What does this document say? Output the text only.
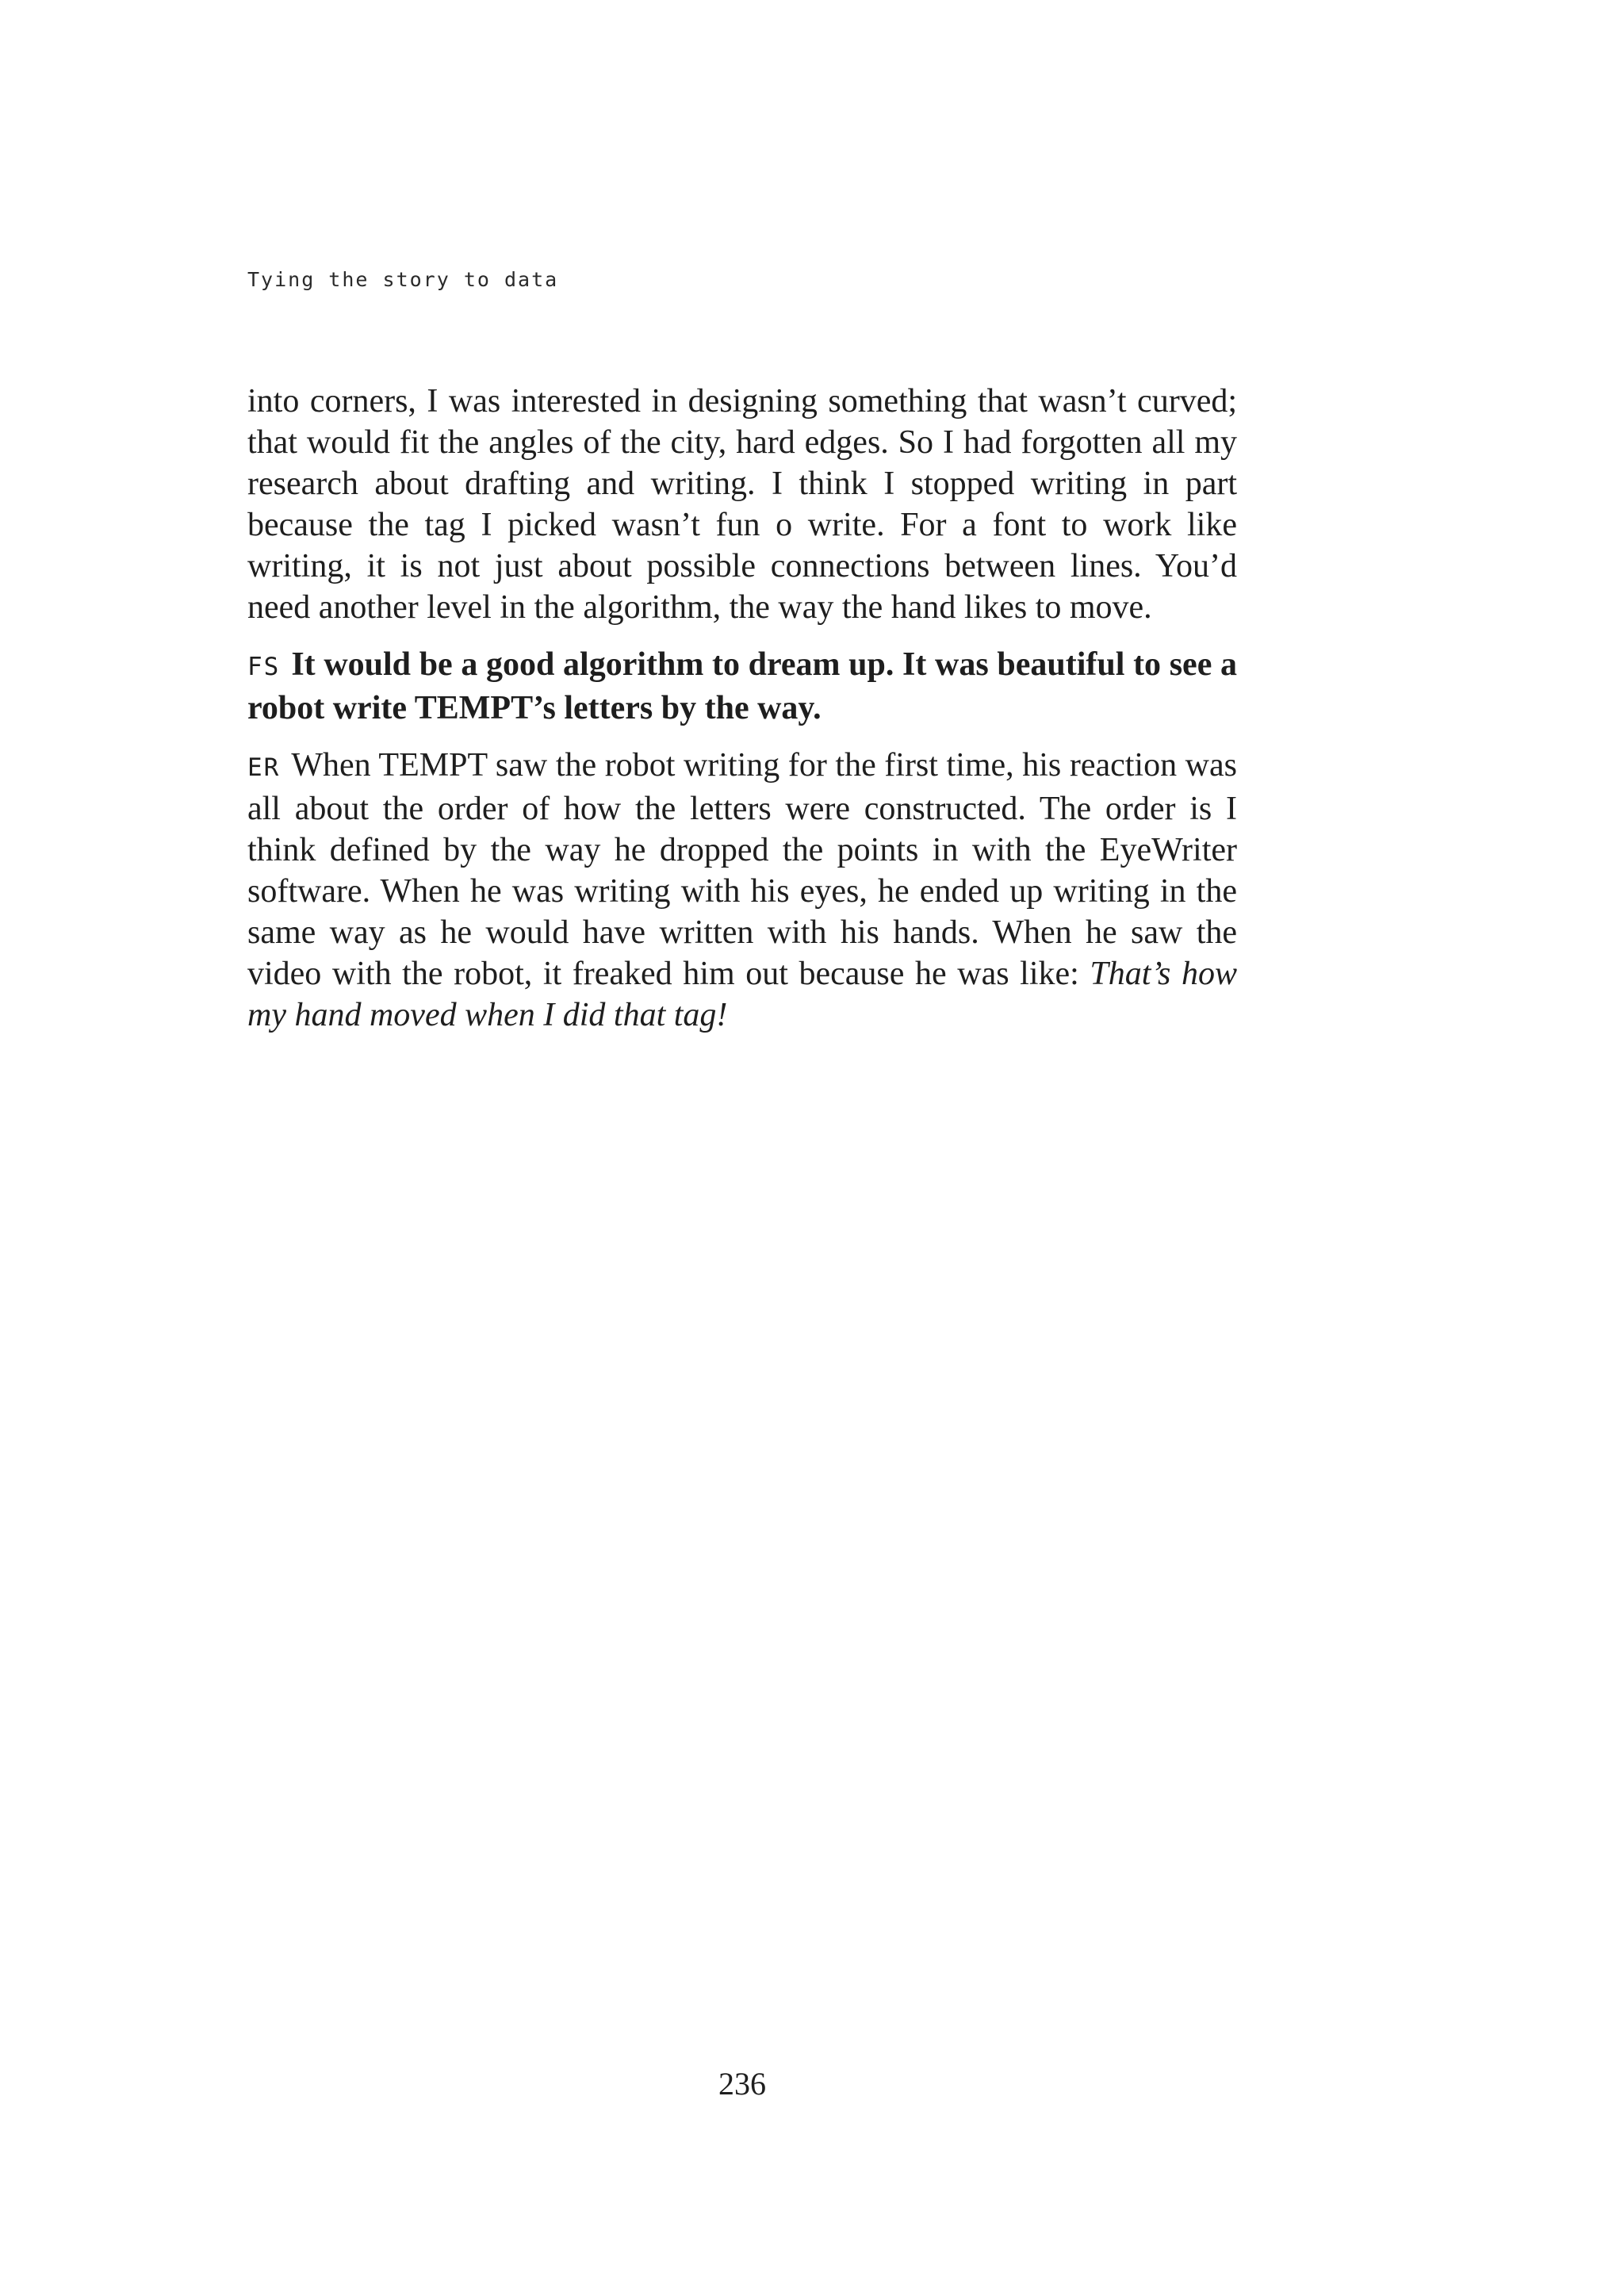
Tying the story to data

into corners, I was interested in designing something that wasn’t curved; that would fit the angles of the city, hard edges. So I had forgotten all my research about drafting and writing. I think I stopped writing in part because the tag I picked wasn’t fun o write. For a font to work like writing, it is not just about possible connections between lines. You’d need another level in the algorithm, the way the hand likes to move.

FS It would be a good algorithm to dream up. It was beautiful to see a robot write TEMPT’s letters by the way.

ER When TEMPT saw the robot writing for the first time, his reaction was all about the order of how the letters were constructed. The order is I think defined by the way he dropped the points in with the EyeWriter software. When he was writing with his eyes, he ended up writing in the same way as he would have written with his hands. When he saw the video with the robot, it freaked him out because he was like: That’s how my hand moved when I did that tag!

236
